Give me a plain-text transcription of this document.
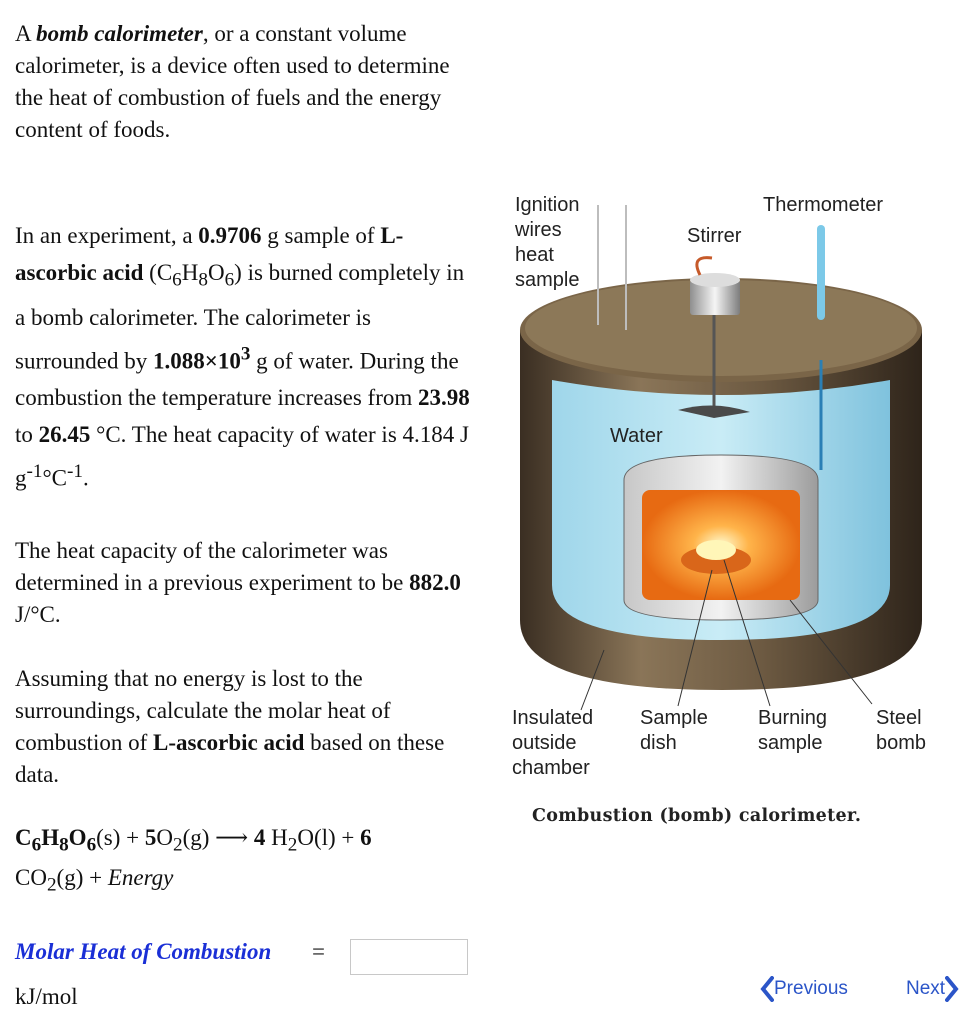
A bomb calorimeter, or a constant volume calorimeter, is a device often used to determine the heat of combustion of fuels and the energy content of foods.

In an experiment, a 0.9706 g sample of L-ascorbic acid $(C_6H_8O_6)$ is burned completely in a bomb calorimeter. The calorimeter is surrounded by $1.088\times 10^3$ g of water. During the combustion the temperature increases from 23.98 to 26.45 °C. The heat capacity of water is 4.184 J $g^{-1}^\circ C^{-1}$.

The heat capacity of the calorimeter was determined in a previous experiment to be 882.0 J/°C.

Assuming that no energy is lost to the surroundings, calculate the molar heat of combustion of L-ascorbic acid based on these data.

$C_6H_8O_6(s) + 5O_2(g)$ ⟶ 4 $H_2O(l) + 6$
$CO_2(g)$ + Energy

Ignition
wires
heat
sample
Stirrer
Thermometer
Water
Insulated
outside
chamber
Sample
dish
Burning
sample
Steel
bomb
Combustion (bomb) calorimeter.
Molar Heat of Combustion =
kJ/mol	Previous	Next
